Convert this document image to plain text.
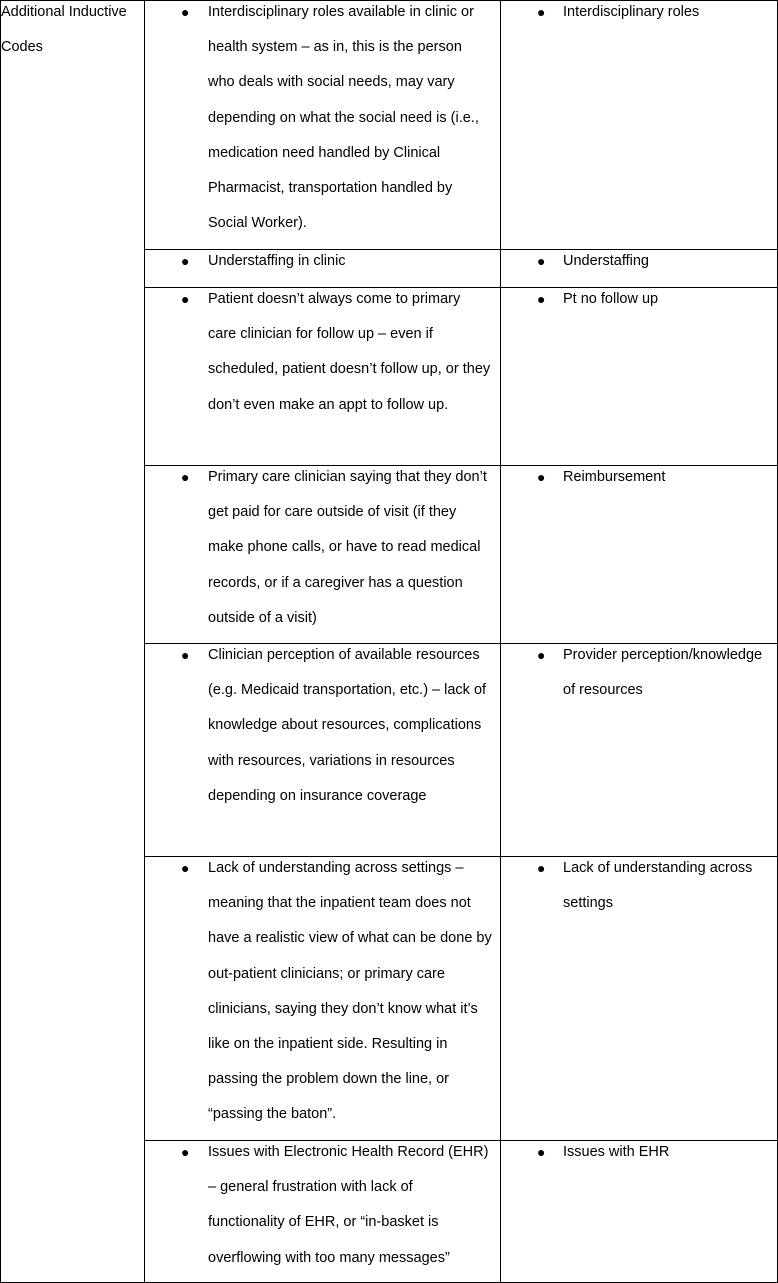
Additional Inductive Codes	● Interdisciplinary roles available in clinic or health system – as in, this is the person who deals with social needs, may vary depending on what the social need is (i.e., medication need handled by Clinical Pharmacist, transportation handled by Social Worker).	● Interdisciplinary roles

	● Understaffing in clinic	● Understaffing

	● Patient doesn’t always come to primary care clinician for follow up – even if scheduled, patient doesn’t follow up, or they don’t even make an appt to follow up.	● Pt no follow up

	● Primary care clinician saying that they don’t get paid for care outside of visit (if they make phone calls, or have to read medical records, or if a caregiver has a question outside of a visit)	● Reimbursement

	● Clinician perception of available resources (e.g. Medicaid transportation, etc.) – lack of knowledge about resources, complications with resources, variations in resources depending on insurance coverage	● Provider perception/knowledge of resources

	● Lack of understanding across settings – meaning that the inpatient team does not have a realistic view of what can be done by out-patient clinicians; or primary care clinicians, saying they don’t know what it’s like on the inpatient side. Resulting in passing the problem down the line, or “passing the baton”.	● Lack of understanding across settings

	● Issues with Electronic Health Record (EHR) – general frustration with lack of functionality of EHR, or “in-basket is overflowing with too many messages”	● Issues with EHR
